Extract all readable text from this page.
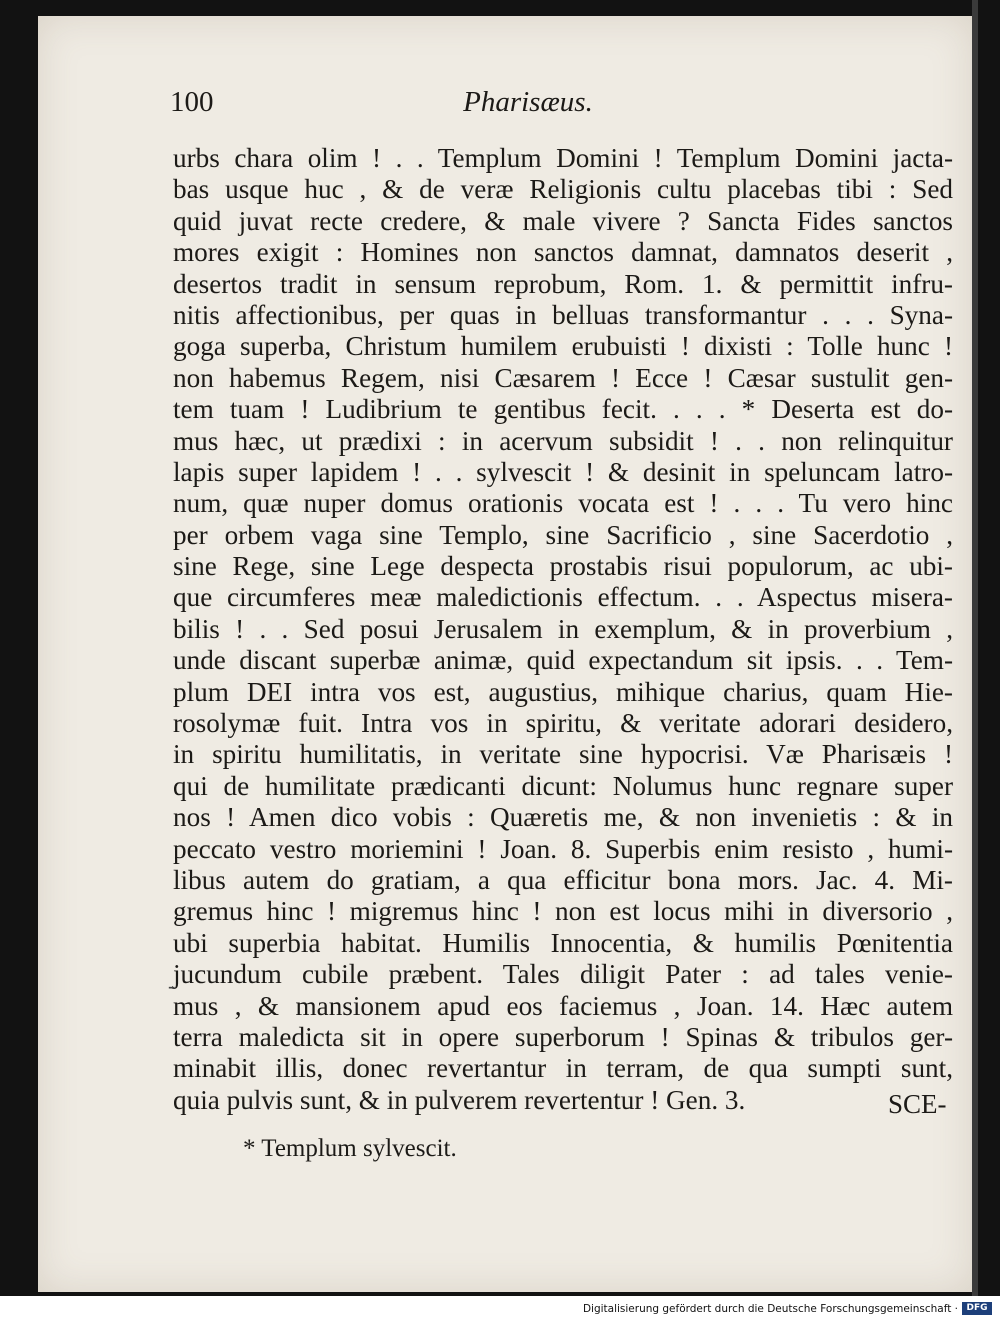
100	Pharisæus.
urbs chara olim ! . . Templum Domini ! Templum Domini jacta-
bas usque huc , & de veræ Religionis cultu placebas tibi : Sed
quid juvat recte credere, & male vivere ? Sancta Fides sanctos
mores exigit : Homines non sanctos damnat, damnatos deserit ,
desertos tradit in sensum reprobum, Rom. 1. & permittit infru-
nitis affectionibus, per quas in belluas transformantur . . . Syna-
goga superba, Christum humilem erubuisti ! dixisti : Tolle hunc !
non habemus Regem, nisi Cæsarem ! Ecce ! Cæsar sustulit gen-
tem tuam ! Ludibrium te gentibus fecit. . . . * Deserta est do-
mus hæc, ut prædixi : in acervum subsidit ! . . non relinquitur
lapis super lapidem ! . . sylvescit ! & desinit in speluncam latro-
num, quæ nuper domus orationis vocata est ! . . . Tu vero hinc
per orbem vaga sine Templo, sine Sacrificio , sine Sacerdotio ,
sine Rege, sine Lege despecta prostabis risui populorum, ac ubi-
que circumferes meæ maledictionis effectum. . . Aspectus misera-
bilis ! . . Sed posui Jerusalem in exemplum, & in proverbium ,
unde discant superbæ animæ, quid expectandum sit ipsis. . . Tem-
plum DEI intra vos est, augustius, mihique charius, quam Hie-
rosolymæ fuit. Intra vos in spiritu, & veritate adorari desidero,
in spiritu humilitatis, in veritate sine hypocrisi. Væ Pharisæis !
qui de humilitate prædicanti dicunt: Nolumus hunc regnare super
nos ! Amen dico vobis : Quæretis me, & non invenietis : & in
peccato vestro moriemini ! Joan. 8. Superbis enim resisto , humi-
libus autem do gratiam, a qua efficitur bona mors. Jac. 4. Mi-
gremus hinc ! migremus hinc ! non est locus mihi in diversorio ,
ubi superbia habitat. Humilis Innocentia, & humilis Pœnitentia
jucundum cubile præbent. Tales diligit Pater : ad tales venie-
mus , & mansionem apud eos faciemus , Joan. 14. Hæc autem
terra maledicta sit in opere superborum ! Spinas & tribulos ger-
minabit illis, donec revertantur in terram, de qua sumpti sunt,
quia pulvis sunt, & in pulverem revertentur ! Gen. 3.
-
SCE-
* Templum sylvescit.
Digitalisierung gefördert durch die Deutsche Forschungsgemeinschaft · DFG
